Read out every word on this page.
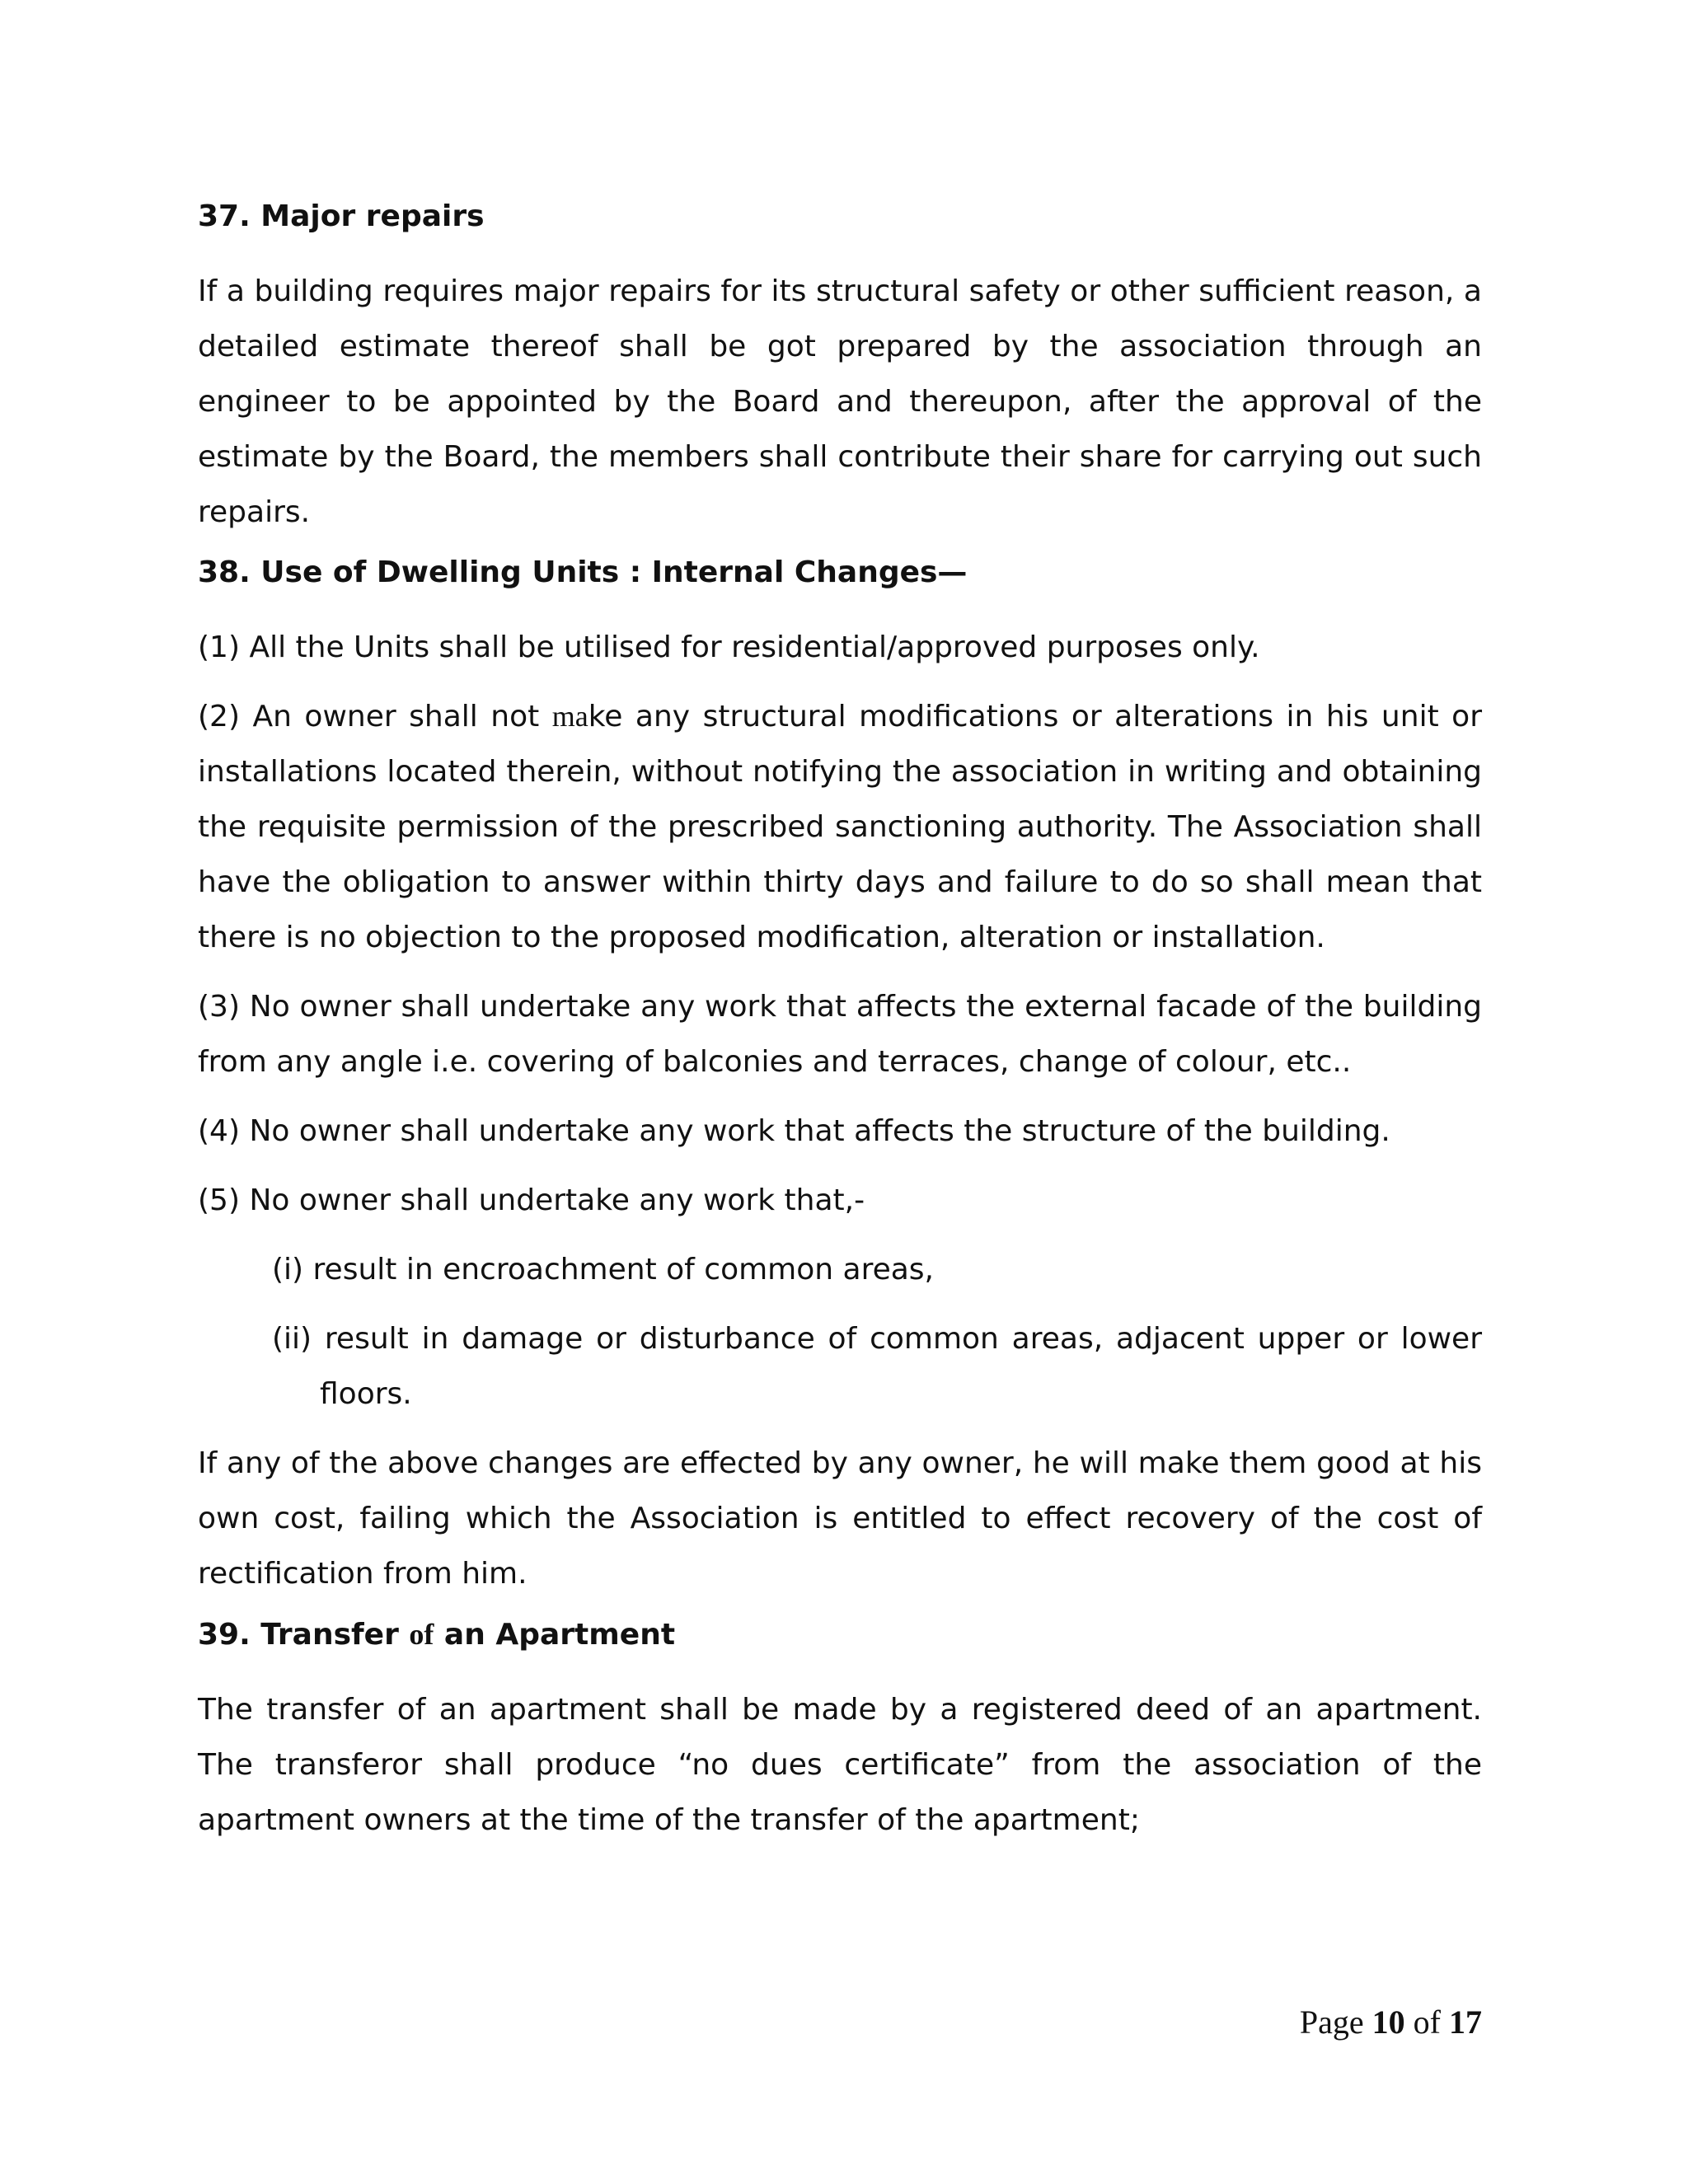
37. Major repairs
If a building requires major repairs for its structural safety or other sufficient reason, a detailed estimate thereof shall be got prepared by the association through an engineer to be appointed by the Board and thereupon, after the approval of the estimate by the Board, the members shall contribute their share for carrying out such repairs.
38. Use of Dwelling Units : Internal Changes—
(1) All the Units shall be utilised for residential/approved purposes only.
(2) An owner shall not make any structural modifications or alterations in his unit or installations located therein, without notifying the association in writing and obtaining the requisite permission of the prescribed sanctioning authority. The Association shall have the obligation to answer within thirty days and failure to do so shall mean that there is no objection to the proposed modification, alteration or installation.
(3) No owner shall undertake any work that affects the external facade of the building from any angle i.e. covering of balconies and terraces, change of colour, etc..
(4) No owner shall undertake any work that affects the structure of the building.
(5) No owner shall undertake any work that,-
(i) result in encroachment of common areas,
(ii) result in damage or disturbance of common areas, adjacent upper or lower floors.
If any of the above changes are effected by any owner, he will make them good at his own cost, failing which the Association is entitled to effect recovery of the cost of rectification from him.
39. Transfer of an Apartment
The transfer of an apartment shall be made by a registered deed of an apartment. The transferor shall produce “no dues certificate” from the association of the apartment owners at the time of the transfer of the apartment;
Page 10 of 17
